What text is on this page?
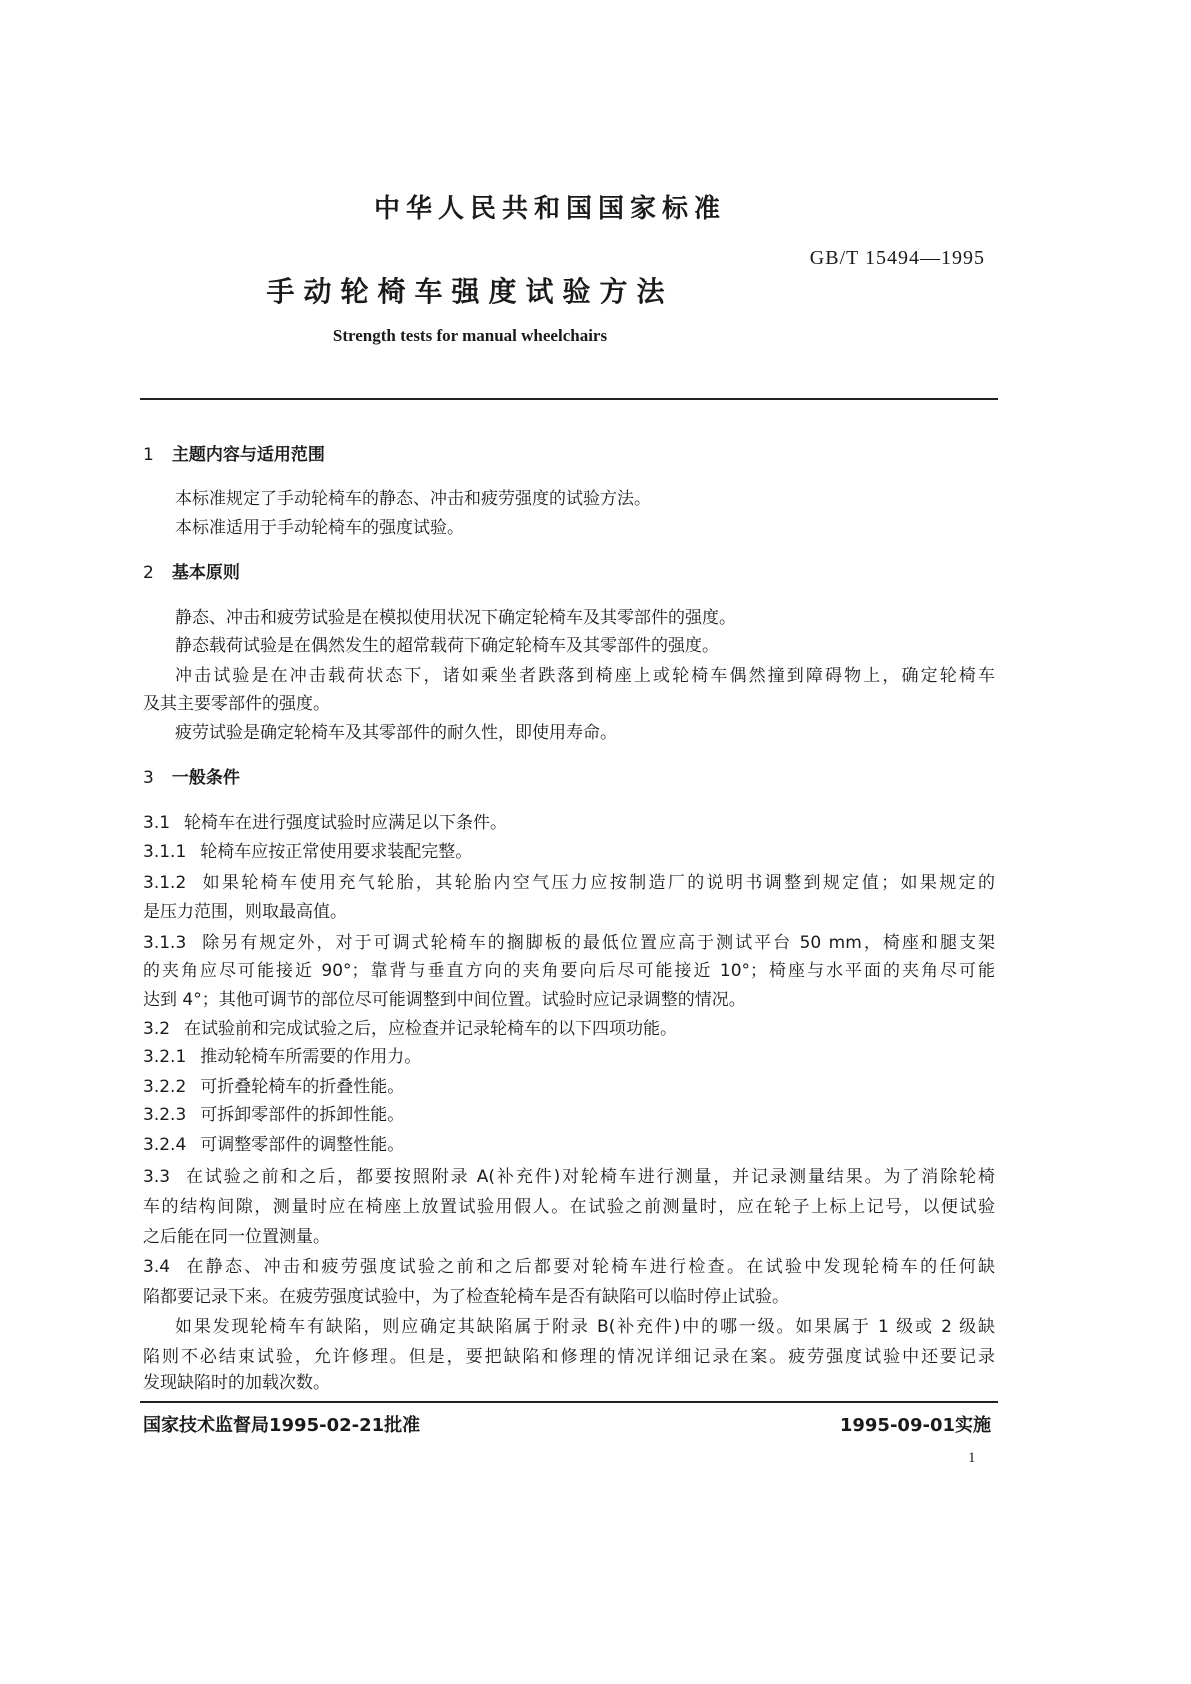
中华人民共和国国家标准
GB/T 15494—1995
手动轮椅车强度试验方法
Strength tests for manual wheelchairs
1 主题内容与适用范围
本标准规定了手动轮椅车的静态、冲击和疲劳强度的试验方法。
本标准适用于手动轮椅车的强度试验。
2 基本原则
静态、冲击和疲劳试验是在模拟使用状况下确定轮椅车及其零部件的强度。
静态载荷试验是在偶然发生的超常载荷下确定轮椅车及其零部件的强度。
冲击试验是在冲击载荷状态下，诸如乘坐者跌落到椅座上或轮椅车偶然撞到障碍物上，确定轮椅车
及其主要零部件的强度。
疲劳试验是确定轮椅车及其零部件的耐久性，即使用寿命。
3 一般条件
3.1 轮椅车在进行强度试验时应满足以下条件。
3.1.1 轮椅车应按正常使用要求装配完整。
3.1.2 如果轮椅车使用充气轮胎，其轮胎内空气压力应按制造厂的说明书调整到规定值；如果规定的
是压力范围，则取最高值。
3.1.3 除另有规定外，对于可调式轮椅车的搁脚板的最低位置应高于测试平台 50 mm，椅座和腿支架
的夹角应尽可能接近 90°；靠背与垂直方向的夹角要向后尽可能接近 10°；椅座与水平面的夹角尽可能
达到 4°；其他可调节的部位尽可能调整到中间位置。试验时应记录调整的情况。
3.2 在试验前和完成试验之后，应检查并记录轮椅车的以下四项功能。
3.2.1 推动轮椅车所需要的作用力。
3.2.2 可折叠轮椅车的折叠性能。
3.2.3 可拆卸零部件的拆卸性能。
3.2.4 可调整零部件的调整性能。
3.3 在试验之前和之后，都要按照附录 A(补充件)对轮椅车进行测量，并记录测量结果。为了消除轮椅
车的结构间隙，测量时应在椅座上放置试验用假人。在试验之前测量时，应在轮子上标上记号，以便试验
之后能在同一位置测量。
3.4 在静态、冲击和疲劳强度试验之前和之后都要对轮椅车进行检查。在试验中发现轮椅车的任何缺
陷都要记录下来。在疲劳强度试验中，为了检查轮椅车是否有缺陷可以临时停止试验。
如果发现轮椅车有缺陷，则应确定其缺陷属于附录 B(补充件)中的哪一级。如果属于 1 级或 2 级缺
陷则不必结束试验，允许修理。但是，要把缺陷和修理的情况详细记录在案。疲劳强度试验中还要记录
发现缺陷时的加载次数。
国家技术监督局1995-02-21批准	1995-09-01实施
1
